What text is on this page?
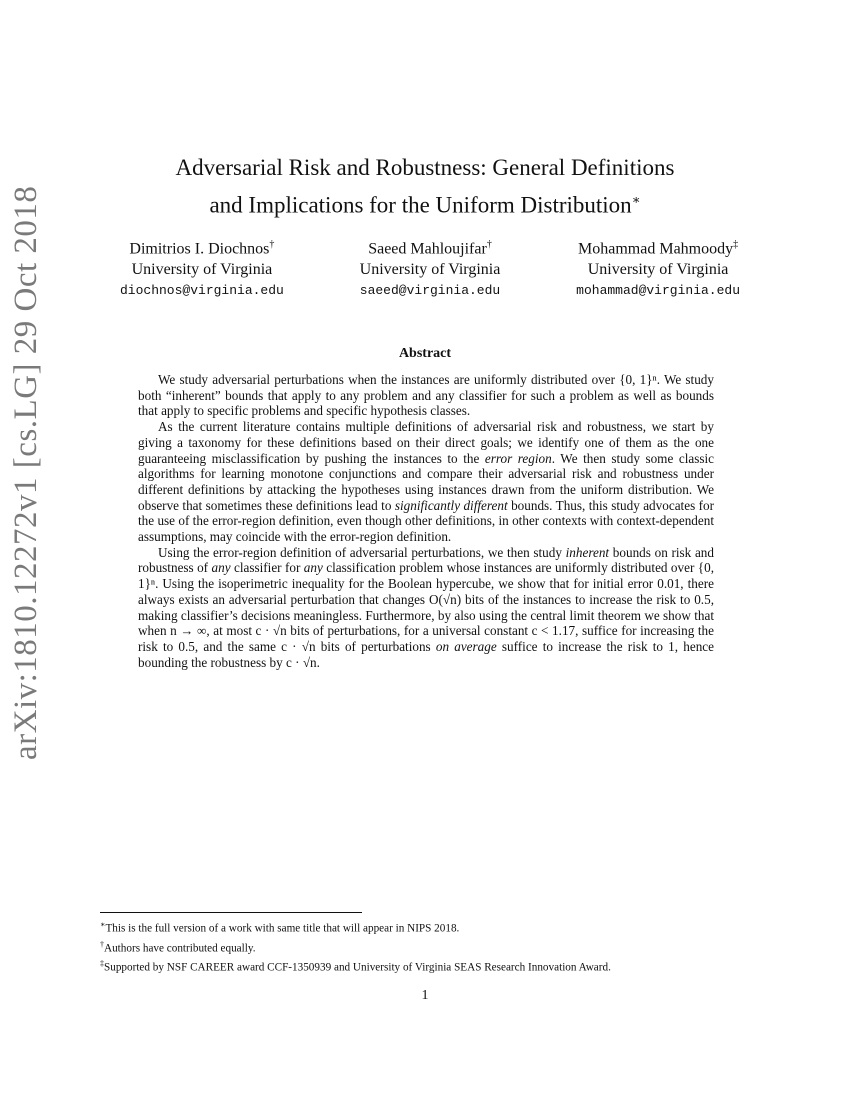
arXiv:1810.12272v1 [cs.LG] 29 Oct 2018
Adversarial Risk and Robustness: General Definitions
and Implications for the Uniform Distribution∗
Dimitrios I. Diochnos†
University of Virginia
diochnos@virginia.edu
Saeed Mahloujifar†
University of Virginia
saeed@virginia.edu
Mohammad Mahmoody‡
University of Virginia
mohammad@virginia.edu
Abstract

We study adversarial perturbations when the instances are uniformly distributed over {0, 1}ⁿ. We study both “inherent” bounds that apply to any problem and any classifier for such a problem as well as bounds that apply to specific problems and specific hypothesis classes.

As the current literature contains multiple definitions of adversarial risk and robustness, we start by giving a taxonomy for these definitions based on their direct goals; we identify one of them as the one guaranteeing misclassification by pushing the instances to the error region. We then study some classic algorithms for learning monotone conjunctions and compare their adversarial risk and robustness under different definitions by attacking the hypotheses using instances drawn from the uniform distribution. We observe that sometimes these definitions lead to significantly different bounds. Thus, this study advocates for the use of the error-region definition, even though other definitions, in other contexts with context-dependent assumptions, may coincide with the error-region definition.

Using the error-region definition of adversarial perturbations, we then study inherent bounds on risk and robustness of any classifier for any classification problem whose instances are uniformly distributed over {0, 1}ⁿ. Using the isoperimetric inequality for the Boolean hypercube, we show that for initial error 0.01, there always exists an adversarial perturbation that changes O(√n) bits of the instances to increase the risk to 0.5, making classifier’s decisions meaningless. Furthermore, by also using the central limit theorem we show that when n → ∞, at most c · √n bits of perturbations, for a universal constant c < 1.17, suffice for increasing the risk to 0.5, and the same c · √n bits of perturbations on average suffice to increase the risk to 1, hence bounding the robustness by c · √n.

∗This is the full version of a work with same title that will appear in NIPS 2018.
†Authors have contributed equally.
‡Supported by NSF CAREER award CCF-1350939 and University of Virginia SEAS Research Innovation Award.
1
